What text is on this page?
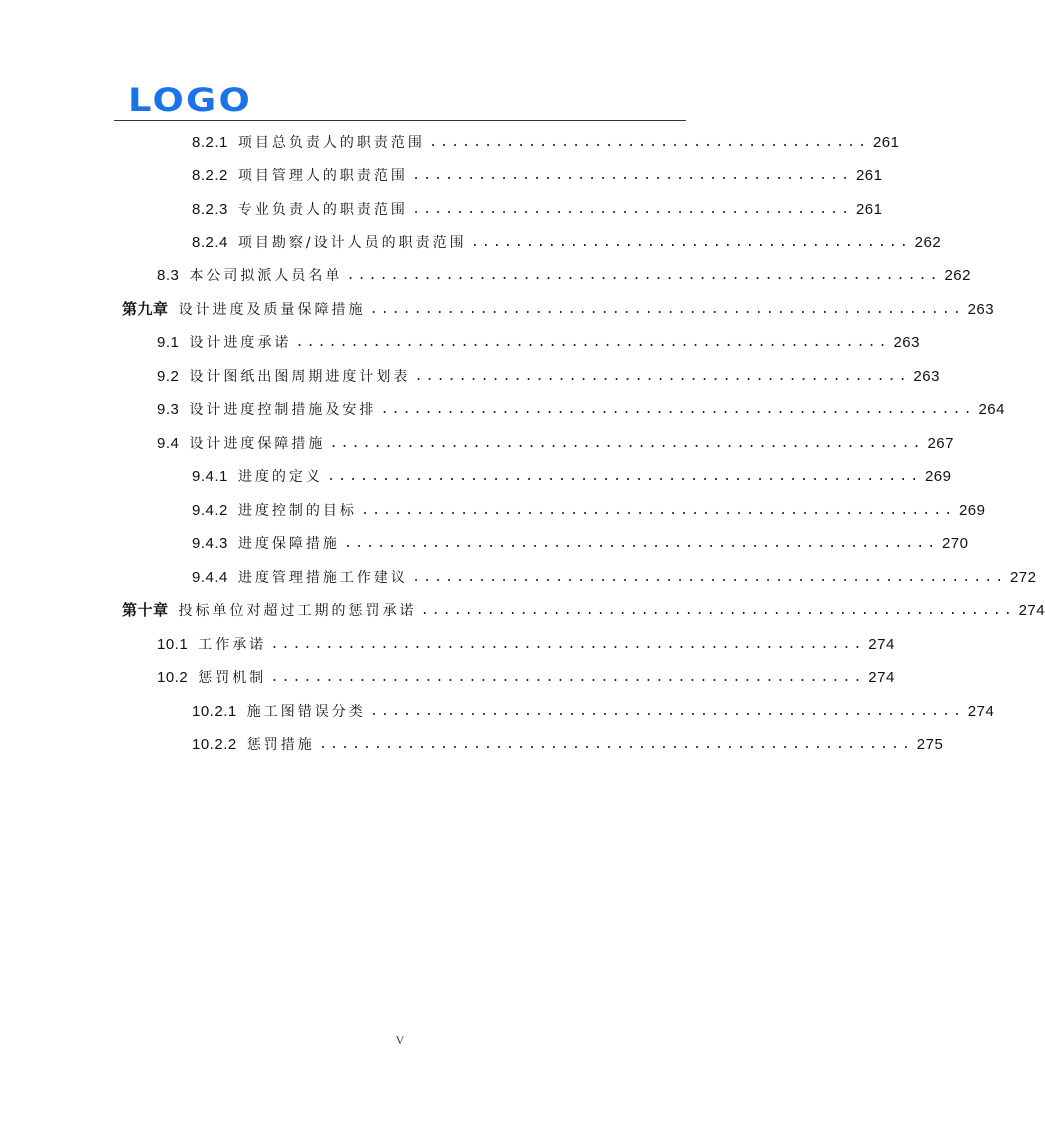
LOGO
8.2.1 项目总负责人的职责范围 ........................................ 261
8.2.2 项目管理人的职责范围 ........................................ 261
8.2.3 专业负责人的职责范围 ........................................ 261
8.2.4 项目勘察/设计人员的职责范围 ........................................ 262
8.3 本公司拟派人员名单 ...................................................... 262
第九章 设计进度及质量保障措施 ...................................................... 263
9.1 设计进度承诺 ...................................................... 263
9.2 设计图纸出图周期进度计划表 ............................................. 263
9.3 设计进度控制措施及安排 ...................................................... 264
9.4 设计进度保障措施 ...................................................... 267
9.4.1 进度的定义 ...................................................... 269
9.4.2 进度控制的目标 ...................................................... 269
9.4.3 进度保障措施 ...................................................... 270
9.4.4 进度管理措施工作建议 ...................................................... 272
第十章 投标单位对超过工期的惩罚承诺 ...................................................... 274
10.1 工作承诺 ...................................................... 274
10.2 惩罚机制 ...................................................... 274
10.2.1 施工图错误分类 ...................................................... 274
10.2.2 惩罚措施 ...................................................... 275
V
